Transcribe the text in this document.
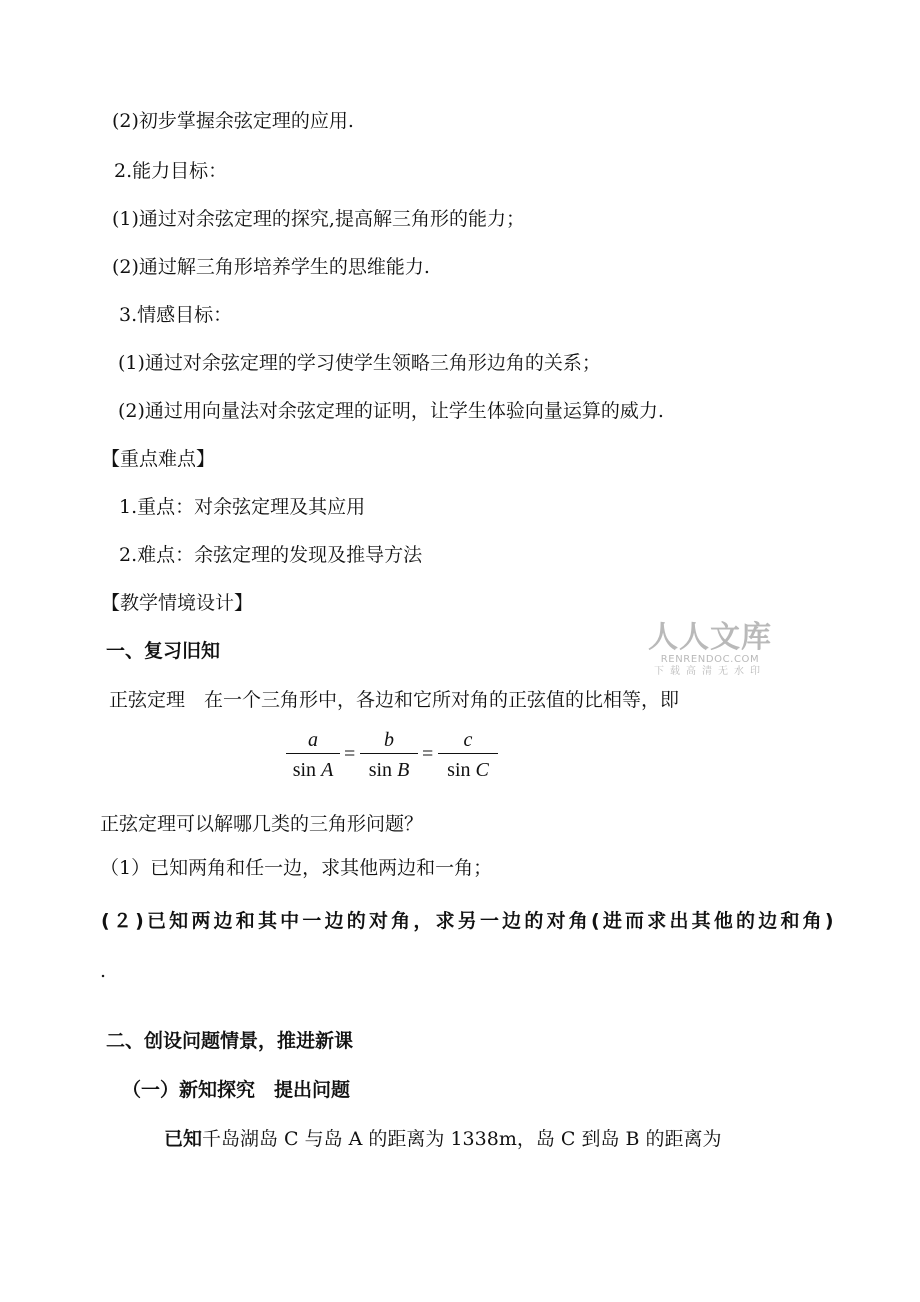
(2)初步掌握余弦定理的应用.
2.能力目标：
(1)通过对余弦定理的探究,提高解三角形的能力；
(2)通过解三角形培养学生的思维能力.
3.情感目标：
(1)通过对余弦定理的学习使学生领略三角形边角的关系；
(2)通过用向量法对余弦定理的证明，让学生体验向量运算的威力.
【重点难点】
1.重点：对余弦定理及其应用
2.难点：余弦定理的发现及推导方法
【教学情境设计】
一、复习旧知
正弦定理　在一个三角形中，各边和它所对角的正弦值的比相等，即
a
sin A
=
b
sin B
=
c
sin C
正弦定理可以解哪几类的三角形问题？
（1）已知两角和任一边，求其他两边和一角；
(２)已知两边和其中一边的对角，求另一边的对角(进而求出其他的边和角)
.
二、创设问题情景，推进新课
（一）新知探究　提出问题
已知千岛湖岛 C 与岛 A 的距离为 1338m，岛 C 到岛 B 的距离为
人人文库
RENRENDOC.COM
下载高清无水印
